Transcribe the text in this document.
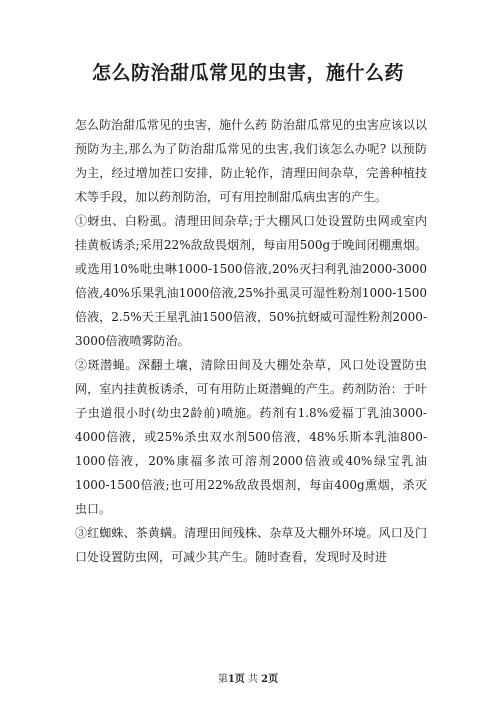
怎么防治甜瓜常见的虫害，施什么药

怎么防治甜瓜常见的虫害，施什么药 防治甜瓜常见的虫害应该以以预防为主,那么为了防治甜瓜常见的虫害,我们该怎么办呢? 以预防为主，经过增加茬口安排，防止轮作，清理田间杂草，完善种植技术等手段，加以药剂防治，可有用控制甜瓜病虫害的产生。

①蚜虫、白粉虱。清理田间杂草;于大棚风口处设置防虫网或室内挂黄板诱杀;采用22%敌敌畏烟剂，每亩用500g于晚间闭棚熏烟。或选用10%吡虫啉1000-1500倍液,20%灭扫利乳油2000-3000倍液,40%乐果乳油1000倍液,25%扑虱灵可湿性粉剂1000-1500倍液，2.5%天王星乳油1500倍液，50%抗蚜威可湿性粉剂2000-3000倍液喷雾防治。

②斑潜蝇。深翻土壤，清除田间及大棚处杂草，风口处设置防虫网，室内挂黄板诱杀，可有用防止斑潜蝇的产生。药剂防治：于叶子虫道很小时(幼虫2龄前)喷施。药剂有1.8%爱福丁乳油3000-4000倍液，或25%杀虫双水剂500倍液，48%乐斯本乳油800-1000倍液，20%康福多浓可溶剂2000倍液或40%绿宝乳油1000-1500倍液;也可用22%敌敌畏烟剂，每亩400g熏烟，杀灭虫口。

③红蜘蛛、茶黄螨。清理田间残株、杂草及大棚外环境。风口及门口处设置防虫网，可减少其产生。随时查看，发现时及时进

第1页 共 2页
